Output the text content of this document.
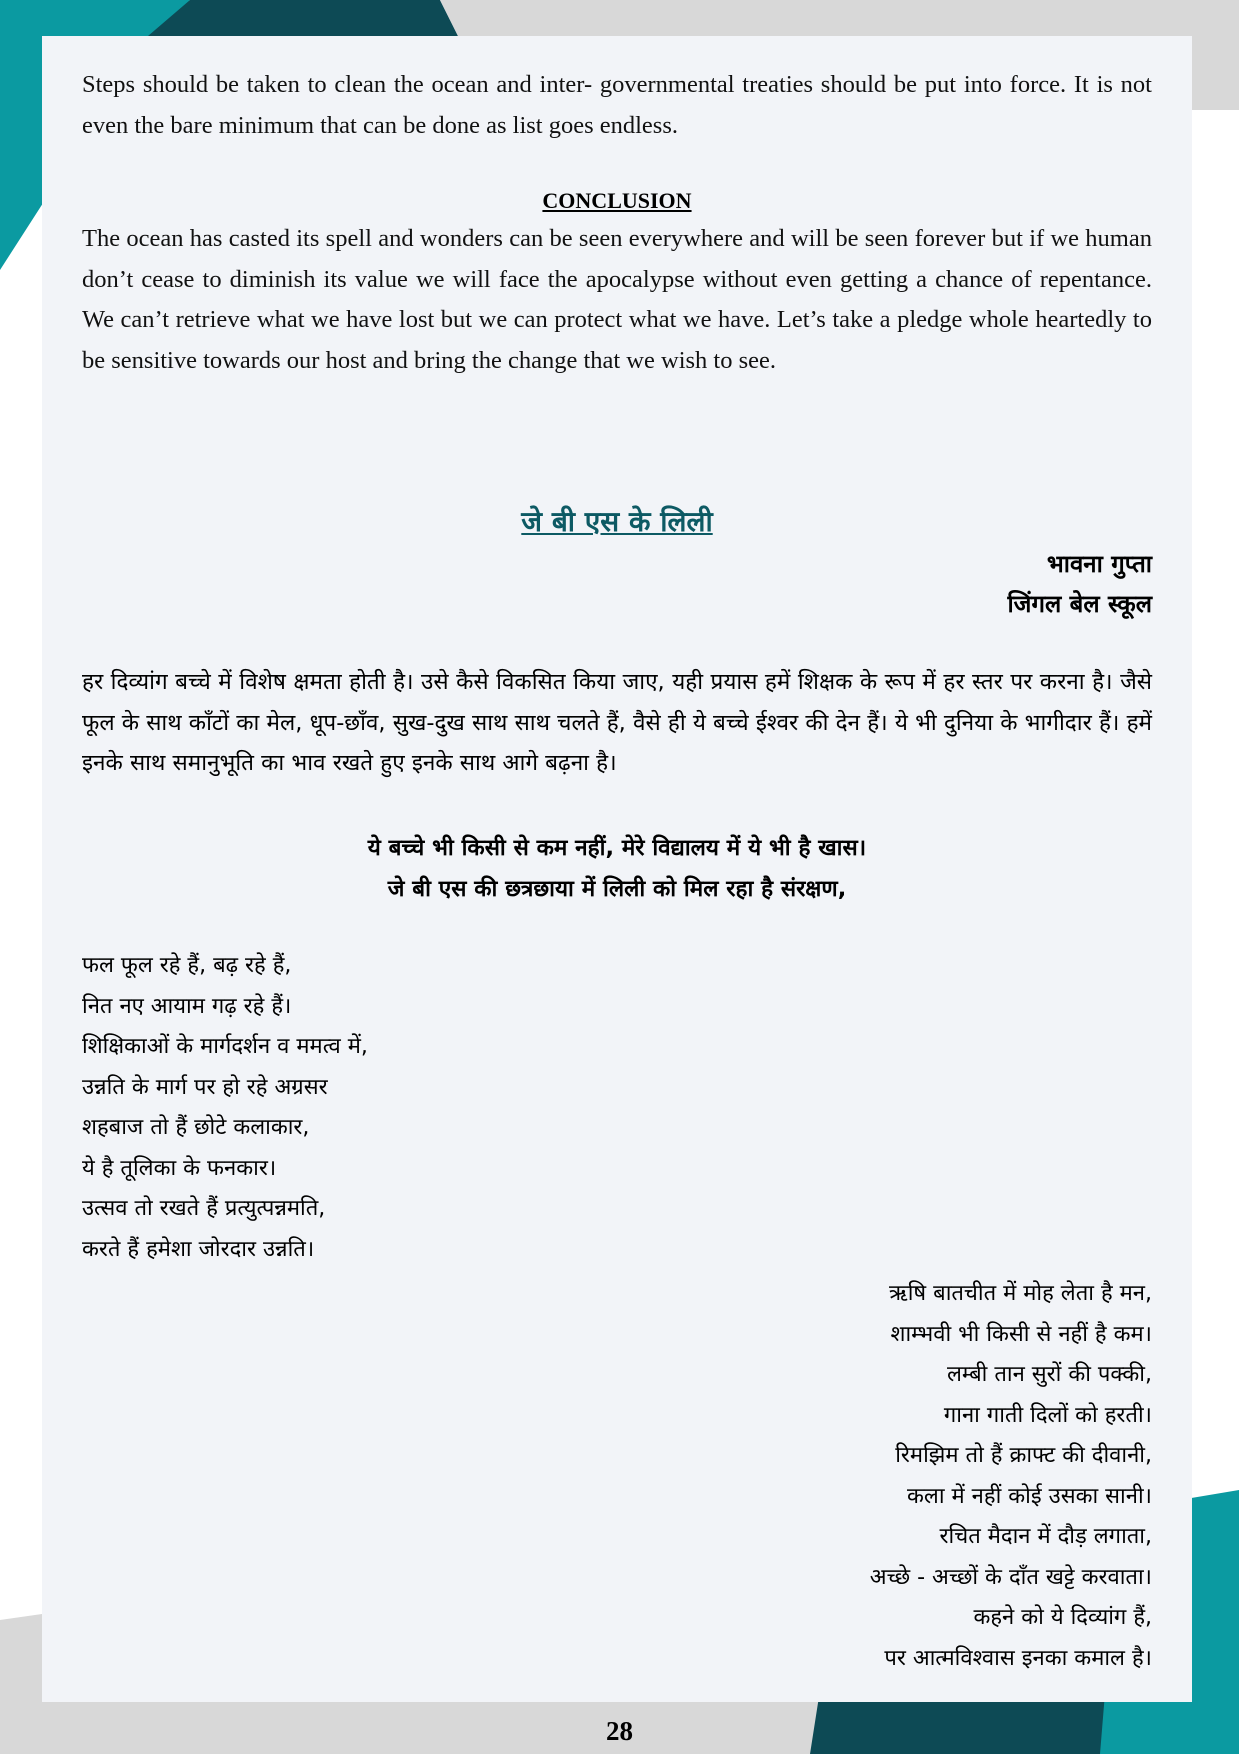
Steps should be taken to clean the ocean and inter- governmental treaties should be put into force. It is not even the bare minimum that can be done as list goes endless.

CONCLUSION

The ocean has casted its spell and wonders can be seen everywhere and will be seen forever but if we human don’t cease to diminish its value we will face the apocalypse without even getting a chance of repentance. We can’t retrieve what we have lost but we can protect what we have. Let’s take a pledge whole heartedly to be sensitive towards our host and bring the change that we wish to see.

जे बी एस के लिली
भावना गुप्ता
जिंगल बेल स्कूल

हर दिव्यांग बच्चे में विशेष क्षमता होती है। उसे कैसे विकसित किया जाए, यही प्रयास हमें शिक्षक के रूप में हर स्तर पर करना है। जैसे फूल के साथ काँटों का मेल, धूप-छाँव, सुख-दुख साथ साथ चलते हैं, वैसे ही ये बच्चे ईश्वर की देन हैं। ये भी दुनिया के भागीदार हैं। हमें इनके साथ समानुभूति का भाव रखते हुए इनके साथ आगे बढ़ना है।

ये बच्चे भी किसी से कम नहीं, मेरे विद्यालय में ये भी है खास।
जे बी एस की छत्रछाया में लिली को मिल रहा है संरक्षण,
फल फूल रहे हैं, बढ़ रहे हैं,
नित नए आयाम गढ़ रहे हैं।
शिक्षिकाओं के मार्गदर्शन व ममत्व में,
उन्नति के मार्ग पर हो रहे अग्रसर
शहबाज तो हैं छोटे कलाकार,
ये है तूलिका के फनकार।
उत्सव तो रखते हैं प्रत्युत्पन्नमति,
करते हैं हमेशा जोरदार उन्नति।
ऋषि बातचीत में मोह लेता है मन,
शाम्भवी भी किसी से नहीं है कम।
लम्बी तान सुरों की पक्की,
गाना गाती दिलों को हरती।
रिमझिम तो हैं क्राफ्ट की दीवानी,
कला में नहीं कोई उसका सानी।
रचित मैदान में दौड़ लगाता,
अच्छे - अच्छों के दाँत खट्टे करवाता।
कहने को ये दिव्यांग हैं,
पर आत्मविश्वास इनका कमाल है।
28
